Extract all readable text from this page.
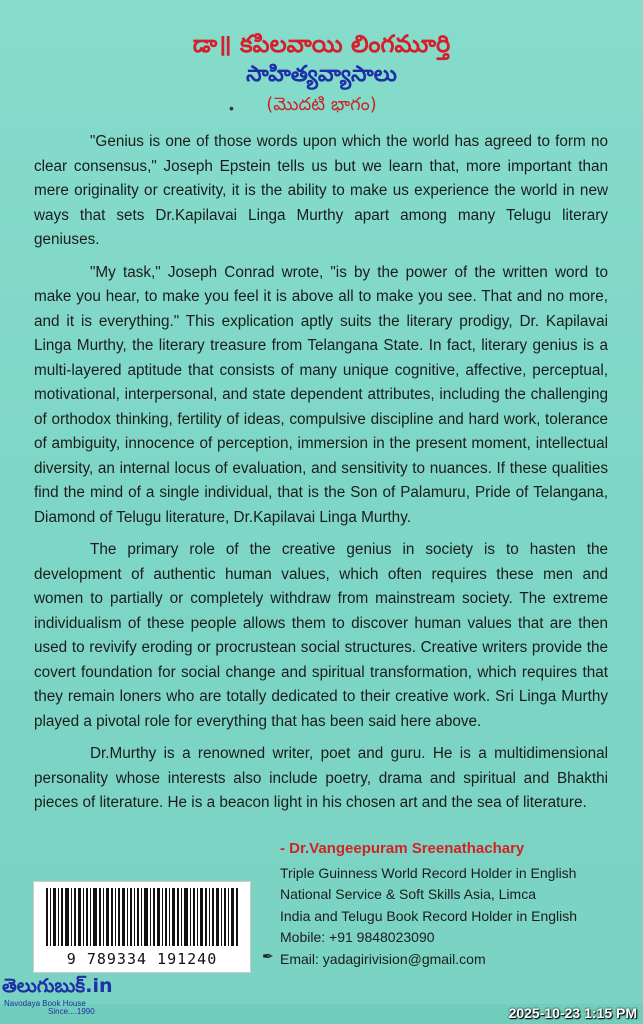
డా॥ కపిలవాయి లింగమూర్తి
సాహిత్యవ్యాసాలు
•	(మొదటి భాగం)

"Genius is one of those words upon which the world has agreed to form no clear consensus," Joseph Epstein tells us but we learn that, more important than mere originality or creativity, it is the ability to make us experience the world in new ways that sets Dr.Kapilavai Linga Murthy apart among many Telugu literary geniuses.

"My task," Joseph Conrad wrote, "is by the power of the written word to make you hear, to make you feel it is above all to make you see. That and no more, and it is everything." This explication aptly suits the literary prodigy, Dr. Kapilavai Linga Murthy, the literary treasure from Telangana State. In fact, literary genius is a multi-layered aptitude that consists of many unique cognitive, affective, perceptual, motivational, interpersonal, and state dependent attributes, including the challenging of orthodox thinking, fertility of ideas, compulsive discipline and hard work, tolerance of ambiguity, innocence of perception, immersion in the present moment, intellectual diversity, an internal locus of evaluation, and sensitivity to nuances. If these qualities find the mind of a single individual, that is the Son of Palamuru, Pride of Telangana, Diamond of Telugu literature, Dr.Kapilavai Linga Murthy.

The primary role of the creative genius in society is to hasten the development of authentic human values, which often requires these men and women to partially or completely withdraw from mainstream society. The extreme individualism of these people allows them to discover human values that are then used to revivify eroding or procrustean social structures. Creative writers provide the covert foundation for social change and spiritual transformation, which requires that they remain loners who are totally dedicated to their creative work. Sri Linga Murthy played a pivotal role for everything that has been said here above.

Dr.Murthy is a renowned writer, poet and guru. He is a multidimensional personality whose interests also include poetry, drama and spiritual and Bhakthi pieces of literature. He is a beacon light in his chosen art and the sea of literature.

- Dr.Vangeepuram Sreenathachary
Triple Guinness World Record Holder in English
National Service & Soft Skills Asia, Limca
India and Telugu Book Record Holder in English
Mobile: +91 9848023090
Email: yadagirivision@gmail.com
✒
9 789334 191240
తెలుగుబుక్.in
Navodaya Book House
Since....1990	2025-10-23 1:15 PM
